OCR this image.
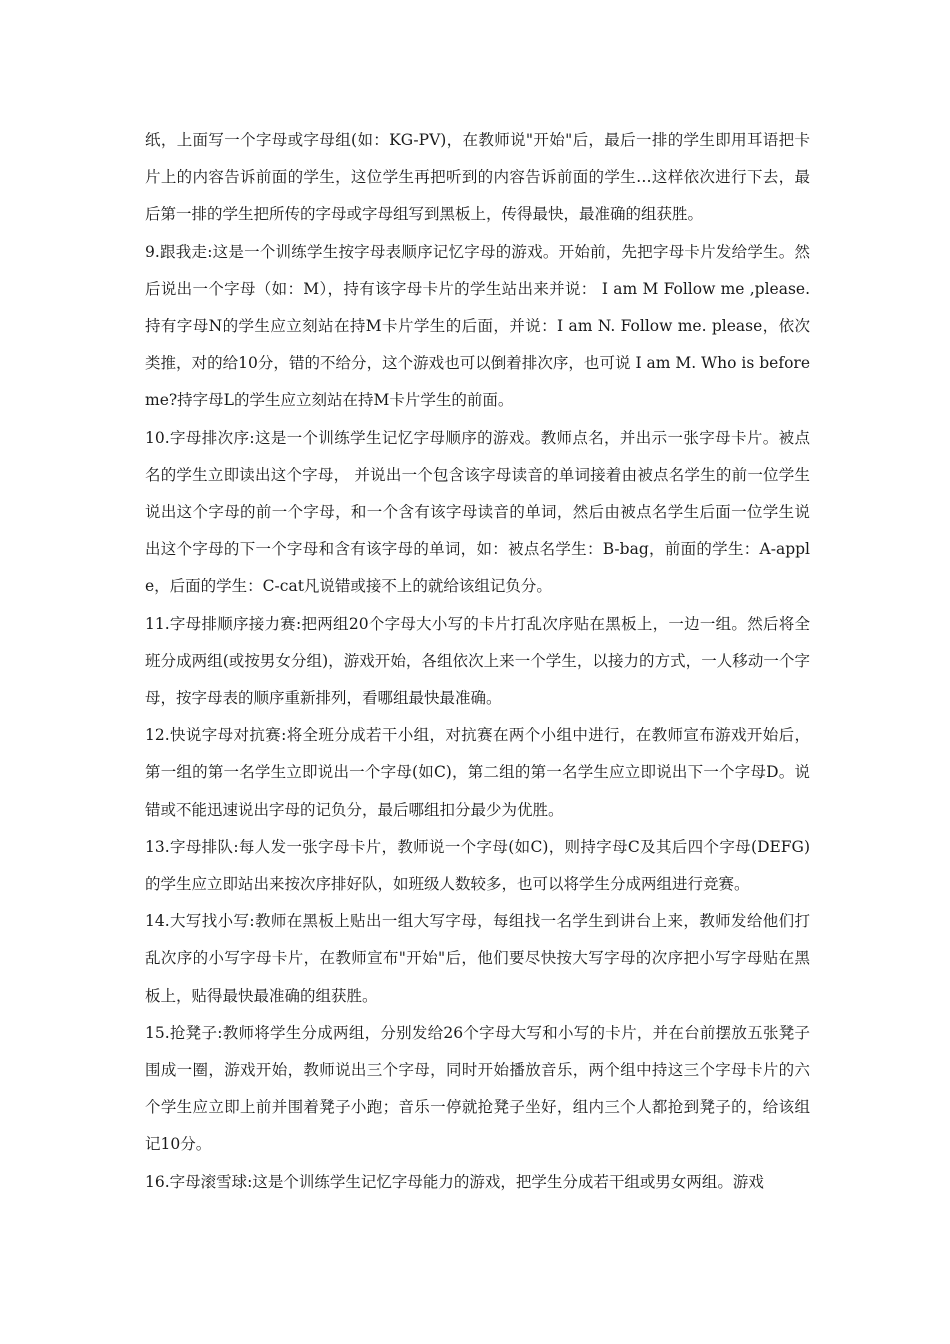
纸，上面写一个字母或字母组(如：KG-PV)，在教师说"开始"后，最后一排的学生即用耳语把卡片上的内容告诉前面的学生，这位学生再把听到的内容告诉前面的学生…这样依次进行下去，最后第一排的学生把所传的字母或字母组写到黑板上，传得最快，最准确的组获胜。

9.跟我走:这是一个训练学生按字母表顺序记忆字母的游戏。开始前，先把字母卡片发给学生。然后说出一个字母（如：M），持有该字母卡片的学生站出来并说： I am M Follow me ,please.持有字母N的学生应立刻站在持M卡片学生的后面，并说：I am N. Follow me. please，依次类推，对的给10分，错的不给分，这个游戏也可以倒着排次序，也可说 I am M. Who is before me?持字母L的学生应立刻站在持M卡片学生的前面。

10.字母排次序:这是一个训练学生记忆字母顺序的游戏。教师点名，并出示一张字母卡片。被点名的学生立即读出这个字母， 并说出一个包含该字母读音的单词接着由被点名学生的前一位学生说出这个字母的前一个字母，和一个含有该字母读音的单词，然后由被点名学生后面一位学生说出这个字母的下一个字母和含有该字母的单词，如：被点名学生：B-bag，前面的学生：A-apple，后面的学生：C-cat凡说错或接不上的就给该组记负分。

11.字母排顺序接力赛:把两组20个字母大小写的卡片打乱次序贴在黑板上，一边一组。然后将全班分成两组(或按男女分组)，游戏开始，各组依次上来一个学生，以接力的方式，一人移动一个字母，按字母表的顺序重新排列，看哪组最快最准确。

12.快说字母对抗赛:将全班分成若干小组，对抗赛在两个小组中进行，在教师宣布游戏开始后，第一组的第一名学生立即说出一个字母(如C)，第二组的第一名学生应立即说出下一个字母D。说错或不能迅速说出字母的记负分，最后哪组扣分最少为优胜。

13.字母排队:每人发一张字母卡片，教师说一个字母(如C)，则持字母C及其后四个字母(DEFG)的学生应立即站出来按次序排好队，如班级人数较多，也可以将学生分成两组进行竞赛。

14.大写找小写:教师在黑板上贴出一组大写字母，每组找一名学生到讲台上来，教师发给他们打乱次序的小写字母卡片，在教师宣布"开始"后，他们要尽快按大写字母的次序把小写字母贴在黑板上，贴得最快最准确的组获胜。

15.抢凳子:教师将学生分成两组，分别发给26个字母大写和小写的卡片，并在台前摆放五张凳子围成一圈，游戏开始，教师说出三个字母，同时开始播放音乐，两个组中持这三个字母卡片的六个学生应立即上前并围着凳子小跑；音乐一停就抢凳子坐好，组内三个人都抢到凳子的，给该组记10分。

16.字母滚雪球:这是个训练学生记忆字母能力的游戏，把学生分成若干组或男女两组。游戏
